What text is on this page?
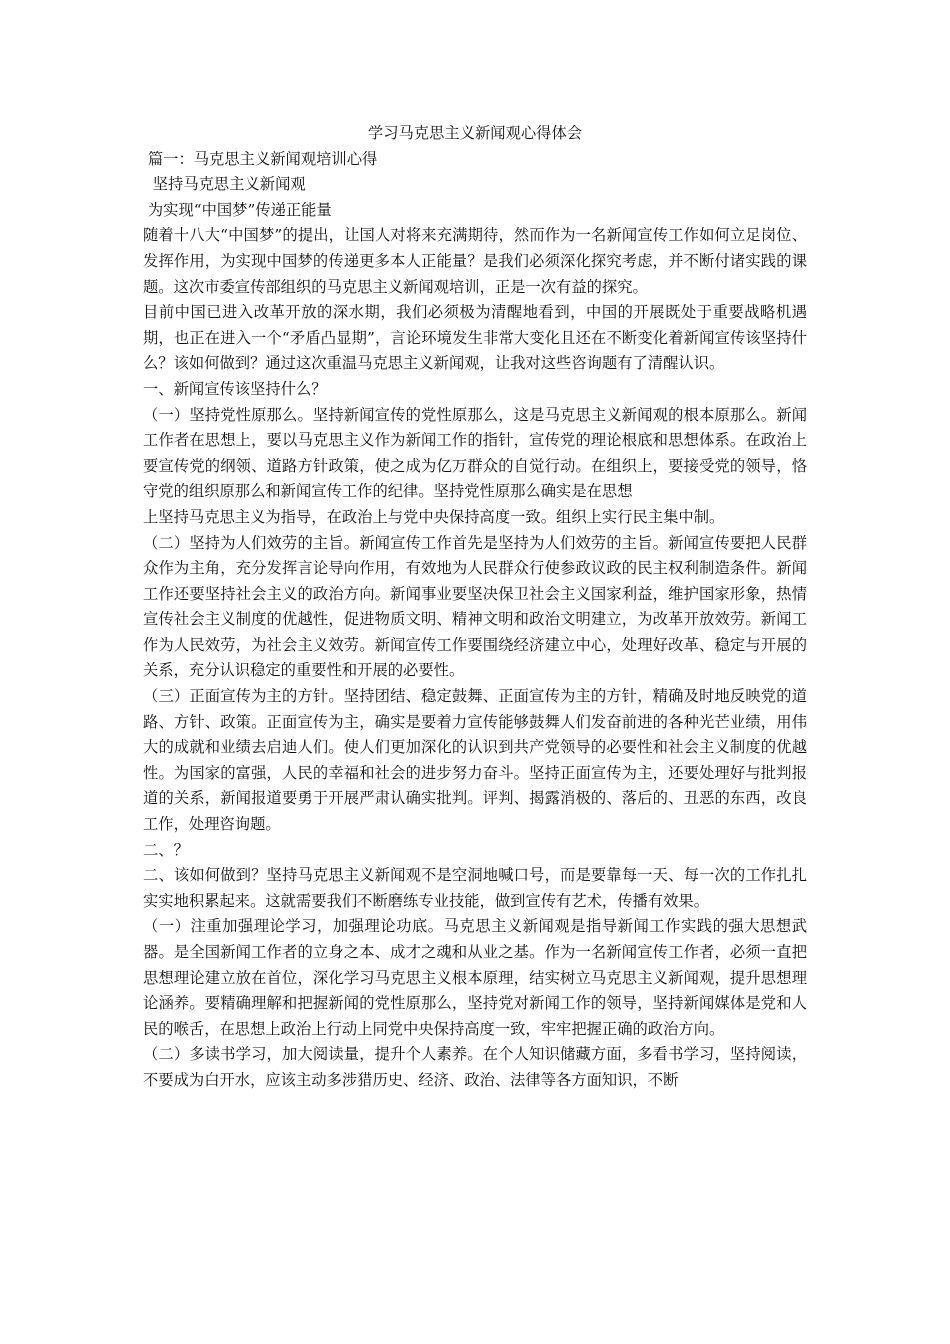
学习马克思主义新闻观心得体会

篇一：马克思主义新闻观培训心得

坚持马克思主义新闻观

为实现“中国梦”传递正能量

随着十八大“中国梦”的提出，让国人对将来充满期待，然而作为一名新闻宣传工作如何立足岗位、发挥作用，为实现中国梦的传递更多本人正能量？是我们必须深化探究考虑，并不断付诸实践的课题。这次市委宣传部组织的马克思主义新闻观培训，正是一次有益的探究。

目前中国已进入改革开放的深水期，我们必须极为清醒地看到，中国的开展既处于重要战略机遇期，也正在进入一个“矛盾凸显期”，言论环境发生非常大变化且还在不断变化着新闻宣传该坚持什么？该如何做到？通过这次重温马克思主义新闻观，让我对这些咨询题有了清醒认识。

一、新闻宣传该坚持什么？

（一）坚持党性原那么。坚持新闻宣传的党性原那么，这是马克思主义新闻观的根本原那么。新闻工作者在思想上，要以马克思主义作为新闻工作的指针，宣传党的理论根底和思想体系。在政治上要宣传党的纲领、道路方针政策，使之成为亿万群众的自觉行动。在组织上，要接受党的领导，恪守党的组织原那么和新闻宣传工作的纪律。坚持党性原那么确实是在思想

上坚持马克思主义为指导，在政治上与党中央保持高度一致。组织上实行民主集中制。

（二）坚持为人们效劳的主旨。新闻宣传工作首先是坚持为人们效劳的主旨。新闻宣传要把人民群众作为主角，充分发挥言论导向作用，有效地为人民群众行使参政议政的民主权利制造条件。新闻工作还要坚持社会主义的政治方向。新闻事业要坚决保卫社会主义国家利益，维护国家形象，热情宣传社会主义制度的优越性，促进物质文明、精神文明和政治文明建立，为改革开放效劳。新闻工作为人民效劳，为社会主义效劳。新闻宣传工作要围绕经济建立中心，处理好改革、稳定与开展的关系，充分认识稳定的重要性和开展的必要性。

（三）正面宣传为主的方针。坚持团结、稳定鼓舞、正面宣传为主的方针，精确及时地反映党的道路、方针、政策。正面宣传为主，确实是要着力宣传能够鼓舞人们发奋前进的各种光芒业绩，用伟大的成就和业绩去启迪人们。使人们更加深化的认识到共产党领导的必要性和社会主义制度的优越性。为国家的富强，人民的幸福和社会的进步努力奋斗。坚持正面宣传为主，还要处理好与批判报道的关系，新闻报道要勇于开展严肃认确实批判。评判、揭露消极的、落后的、丑恶的东西，改良工作，处理咨询题。

二、？

二、该如何做到？坚持马克思主义新闻观不是空洞地喊口号，而是要靠每一天、每一次的工作扎扎实实地积累起来。这就需要我们不断磨练专业技能，做到宣传有艺术，传播有效果。

（一）注重加强理论学习，加强理论功底。马克思主义新闻观是指导新闻工作实践的强大思想武器。是全国新闻工作者的立身之本、成才之魂和从业之基。作为一名新闻宣传工作者，必须一直把思想理论建立放在首位，深化学习马克思主义根本原理，结实树立马克思主义新闻观，提升思想理论涵养。要精确理解和把握新闻的党性原那么，坚持党对新闻工作的领导，坚持新闻媒体是党和人民的喉舌，在思想上政治上行动上同党中央保持高度一致，牢牢把握正确的政治方向。

（二）多读书学习，加大阅读量，提升个人素养。在个人知识储藏方面，多看书学习，坚持阅读，不要成为白开水，应该主动多涉猎历史、经济、政治、法律等各方面知识，不断
